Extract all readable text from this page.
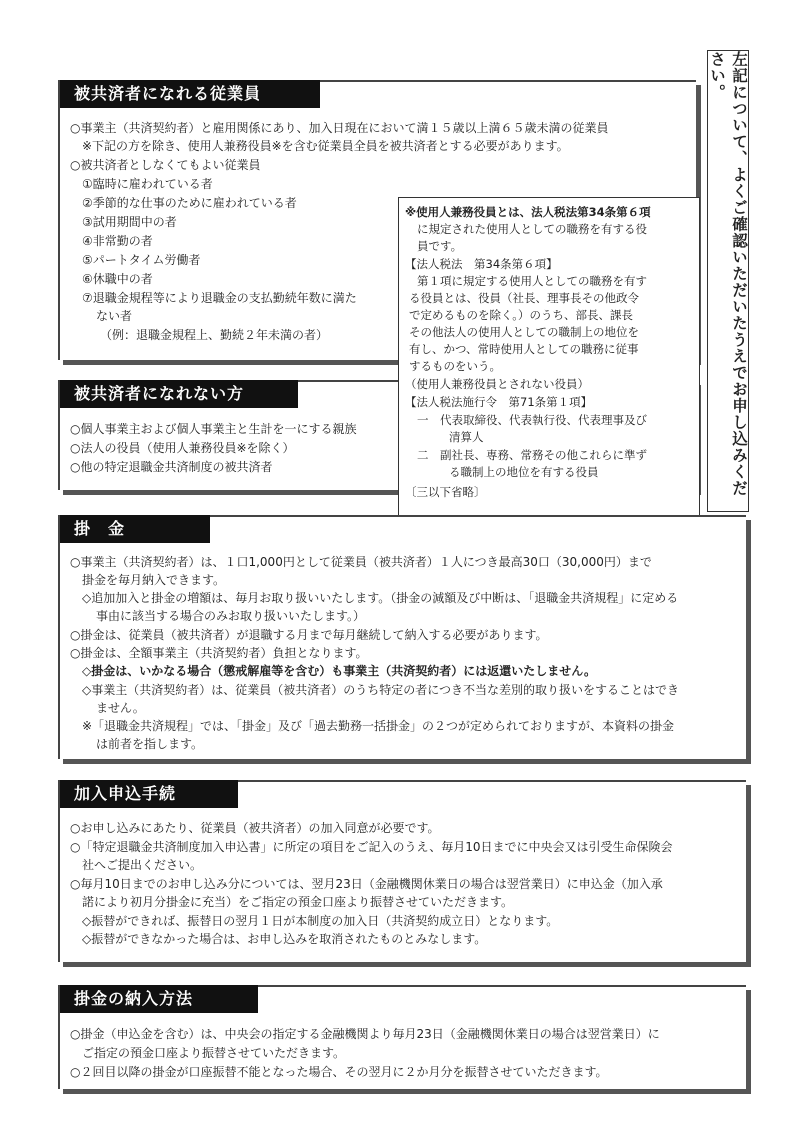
被共済者になれる従業員
○事業主（共済契約者）と雇用関係にあり、加入日現在において満１５歳以上満６５歳未満の従業員
※下記の方を除き、使用人兼務役員※を含む従業員全員を被共済者とする必要があります。
○被共済者としなくてもよい従業員
①臨時に雇われている者
②季節的な仕事のために雇われている者
③試用期間中の者
④非常勤の者
⑤パートタイム労働者
⑥休職中の者
⑦退職金規程等により退職金の支払勤続年数に満た
ない者
（例：退職金規程上、勤続２年未満の者）
被共済者になれない方
○個人事業主および個人事業主と生計を一にする親族
○法人の役員（使用人兼務役員※を除く）
○他の特定退職金共済制度の被共済者
※使用人兼務役員とは、法人税法第34条第６項
に規定された使用人としての職務を有する役
員です。
【法人税法　第34条第６項】
第１項に規定する使用人としての職務を有す
る役員とは、役員（社長、理事長その他政令
で定めるものを除く。）のうち、部長、課長
その他法人の使用人としての職制上の地位を
有し、かつ、常時使用人としての職務に従事
するものをいう。
（使用人兼務役員とされない役員）
【法人税法施行令　第71条第１項】
一　代表取締役、代表執行役、代表理事及び
清算人
二　副社長、専務、常務その他これらに準ず
る職制上の地位を有する役員
〔三以下省略〕	左記について、よくご確認いただいたうえでお申し込みください。
掛　金
○事業主（共済契約者）は、１口1,000円として従業員（被共済者）１人につき最高30口（30,000円）まで
掛金を毎月納入できます。
◇追加加入と掛金の増額は、毎月お取り扱いいたします。（掛金の減額及び中断は、「退職金共済規程」に定める
事由に該当する場合のみお取り扱いいたします。）
○掛金は、従業員（被共済者）が退職する月まで毎月継続して納入する必要があります。
○掛金は、全額事業主（共済契約者）負担となります。
◇掛金は、いかなる場合（懲戒解雇等を含む）も事業主（共済契約者）には返還いたしません。
◇事業主（共済契約者）は、従業員（被共済者）のうち特定の者につき不当な差別的取り扱いをすることはでき
ません。
※「退職金共済規程」では、「掛金」及び「過去勤務一括掛金」の２つが定められておりますが、本資料の掛金
は前者を指します。
加入申込手続
○お申し込みにあたり、従業員（被共済者）の加入同意が必要です。
○「特定退職金共済制度加入申込書」に所定の項目をご記入のうえ、毎月10日までに中央会又は引受生命保険会
社へご提出ください。
○毎月10日までのお申し込み分については、翌月23日（金融機関休業日の場合は翌営業日）に申込金（加入承
諾により初月分掛金に充当）をご指定の預金口座より振替させていただきます。
◇振替ができれば、振替日の翌月１日が本制度の加入日（共済契約成立日）となります。
◇振替ができなかった場合は、お申し込みを取消されたものとみなします。
掛金の納入方法
○掛金（申込金を含む）は、中央会の指定する金融機関より毎月23日（金融機関休業日の場合は翌営業日）に
ご指定の預金口座より振替させていただきます。
○２回目以降の掛金が口座振替不能となった場合、その翌月に２か月分を振替させていただきます。
